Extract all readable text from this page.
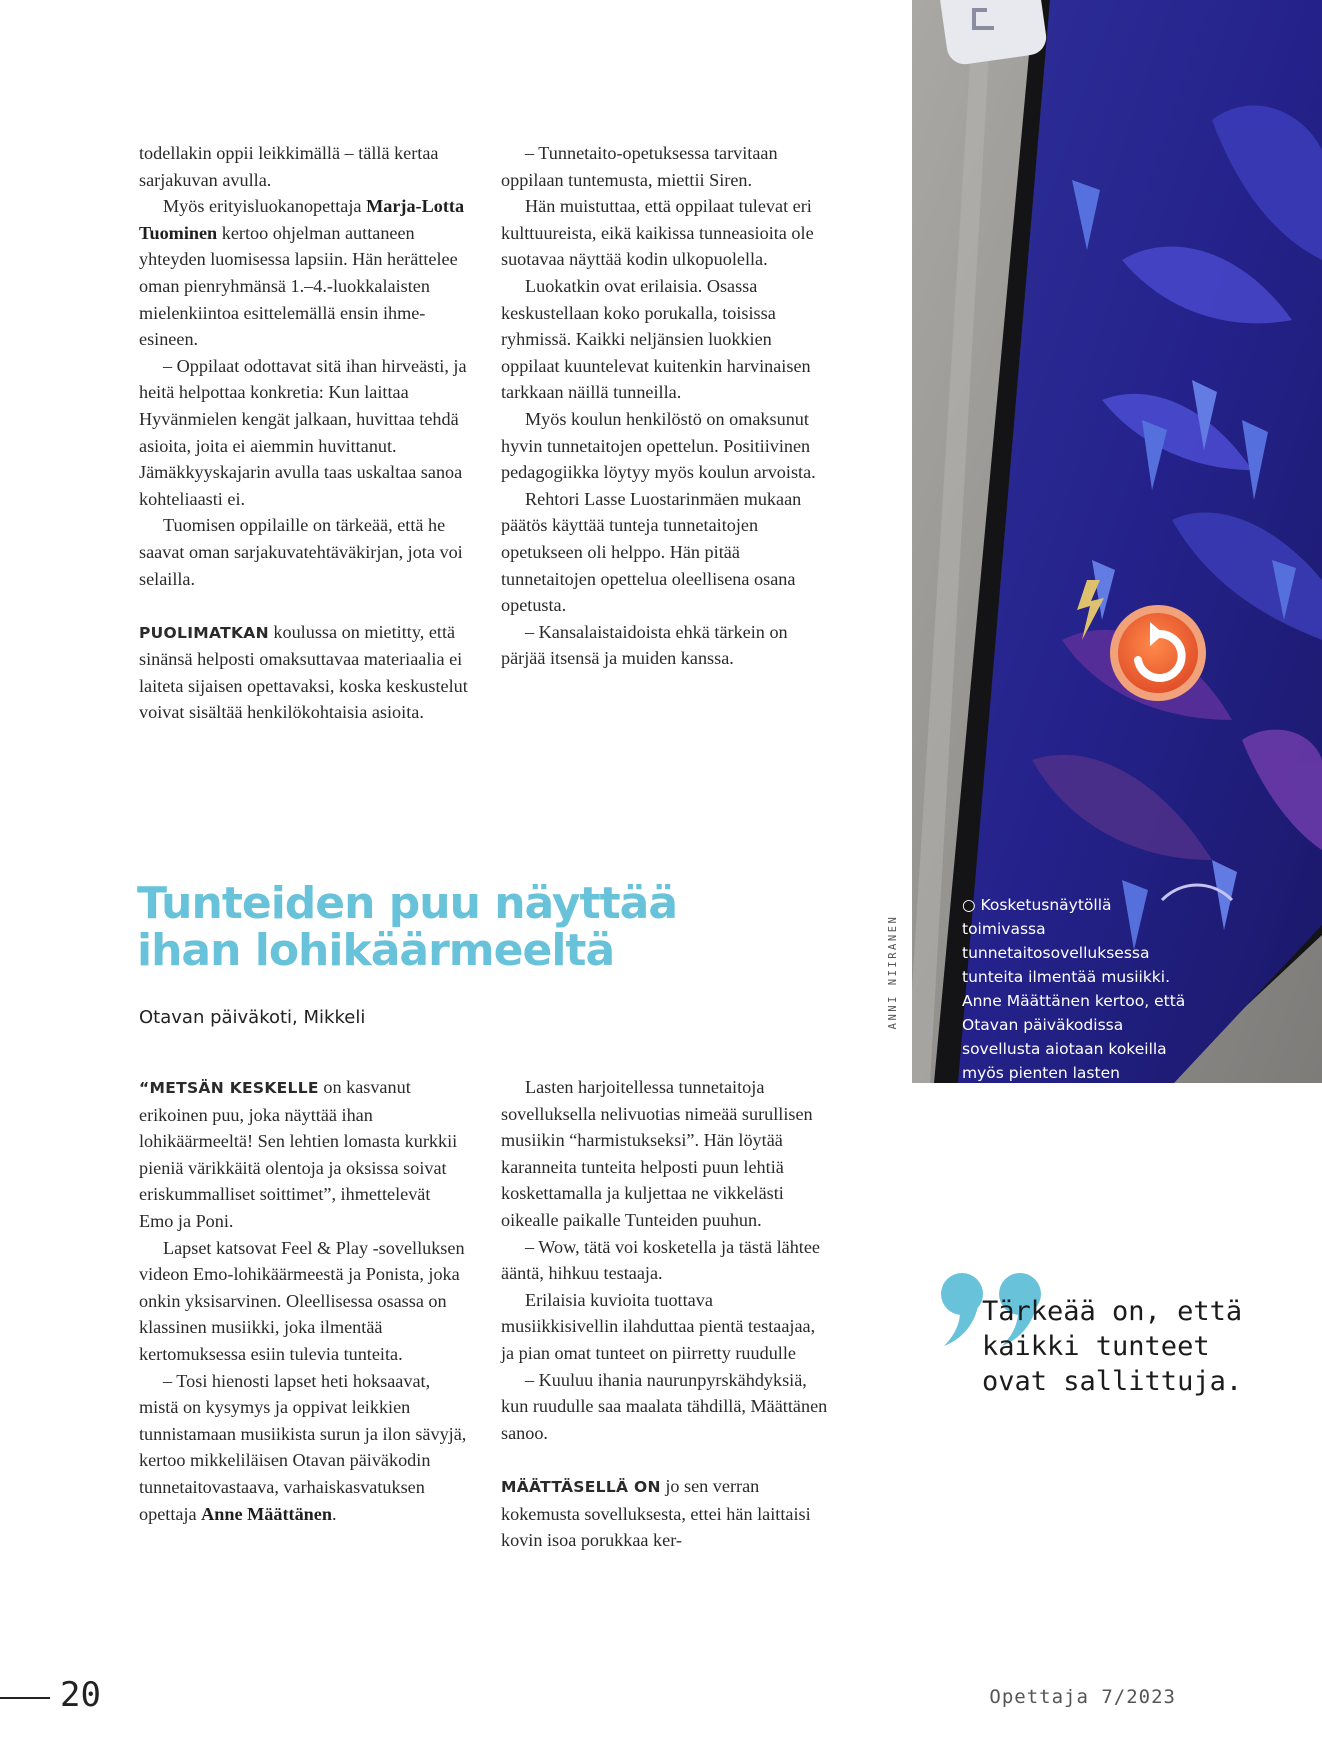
todellakin oppii leikkimällä – tällä kertaa sarjakuvan avulla.

Myös erityisluokanopettaja Marja-Lotta Tuominen kertoo ohjelman auttaneen yhteyden luomisessa lapsiin. Hän herättelee oman pienryhmänsä 1.–4.-luokkalaisten mielenkiintoa esittelemällä ensin ihme-esineen.

– Oppilaat odottavat sitä ihan hirveästi, ja heitä helpottaa konkretia: Kun laittaa Hyvänmielen kengät jalkaan, huvittaa tehdä asioita, joita ei aiemmin huvittanut. Jämäkkyyskajarin avulla taas uskaltaa sanoa kohteliaasti ei.

Tuomisen oppilaille on tärkeää, että he saavat oman sarjakuvatehtäväkirjan, jota voi selailla.

PUOLIMATKAN koulussa on mietitty, että sinänsä helposti omaksuttavaa materiaalia ei laiteta sijaisen opettavaksi, koska keskustelut voivat sisältää henkilökohtaisia asioita.

– Tunnetaito-opetuksessa tarvitaan oppilaan tuntemusta, miettii Siren.

Hän muistuttaa, että oppilaat tulevat eri kulttuureista, eikä kaikissa tunneasioita ole suotavaa näyttää kodin ulkopuolella.

Luokatkin ovat erilaisia. Osassa keskustellaan koko porukalla, toisissa ryhmissä. Kaikki neljänsien luokkien oppilaat kuuntelevat kuitenkin harvinaisen tarkkaan näillä tunneilla.

Myös koulun henkilöstö on omaksunut hyvin tunnetaitojen opettelun. Positiivinen pedagogiikka löytyy myös koulun arvoista.

Rehtori Lasse Luostarinmäen mukaan päätös käyttää tunteja tunnetaitojen opetukseen oli helppo. Hän pitää tunnetaitojen opettelua oleellisena osana opetusta.

– Kansalaistaidoista ehkä tärkein on pärjää itsensä ja muiden kanssa.

○ Kosketusnäytöllä toimivassa tunnetaitosovelluksessa tunteita ilmentää musiikki. Anne Määttänen kertoo, että Otavan päiväkodissa sovellusta aiotaan kokeilla myös pienten lasten ryhmässä.
ANNI NIIRANEN
Tunteiden puu näyttää ihan lohikäärmeeltä
Otavan päiväkoti, Mikkeli

“METSÄN KESKELLE on kasvanut erikoinen puu, joka näyttää ihan lohikäärmeeltä! Sen lehtien lomasta kurkkii pieniä värikkäitä olentoja ja oksissa soivat eriskummalliset soittimet”, ihmettelevät Emo ja Poni.

Lapset katsovat Feel & Play -sovelluksen videon Emo-lohikäärmeestä ja Ponista, joka onkin yksisarvinen. Oleellisessa osassa on klassinen musiikki, joka ilmentää kertomuksessa esiin tulevia tunteita.

– Tosi hienosti lapset heti hoksaavat, mistä on kysymys ja oppivat leikkien tunnistamaan musiikista surun ja ilon sävyjä, kertoo mikkeliläisen Otavan päiväkodin tunnetaitovastaava, varhaiskasvatuksen opettaja Anne Määttänen.

Lasten harjoitellessa tunnetaitoja sovelluksella nelivuotias nimeää surullisen musiikin “harmistukseksi”. Hän löytää karanneita tunteita helposti puun lehtiä koskettamalla ja kuljettaa ne vikkelästi oikealle paikalle Tunteiden puuhun.

– Wow, tätä voi kosketella ja tästä lähtee ääntä, hihkuu testaaja.

Erilaisia kuvioita tuottava musiikkisivellin ilahduttaa pientä testaajaa, ja pian omat tunteet on piirretty ruudulle

– Kuuluu ihania naurunpyrskähdyksiä, kun ruudulle saa maalata tähdillä, Määttänen sanoo.

MÄÄTTÄSELLÄ ON jo sen verran kokemusta sovelluksesta, ettei hän laittaisi kovin isoa porukkaa ker-

Tärkeää on, että kaikki tunteet ovat sallittuja.

20	Opettaja 7/2023
